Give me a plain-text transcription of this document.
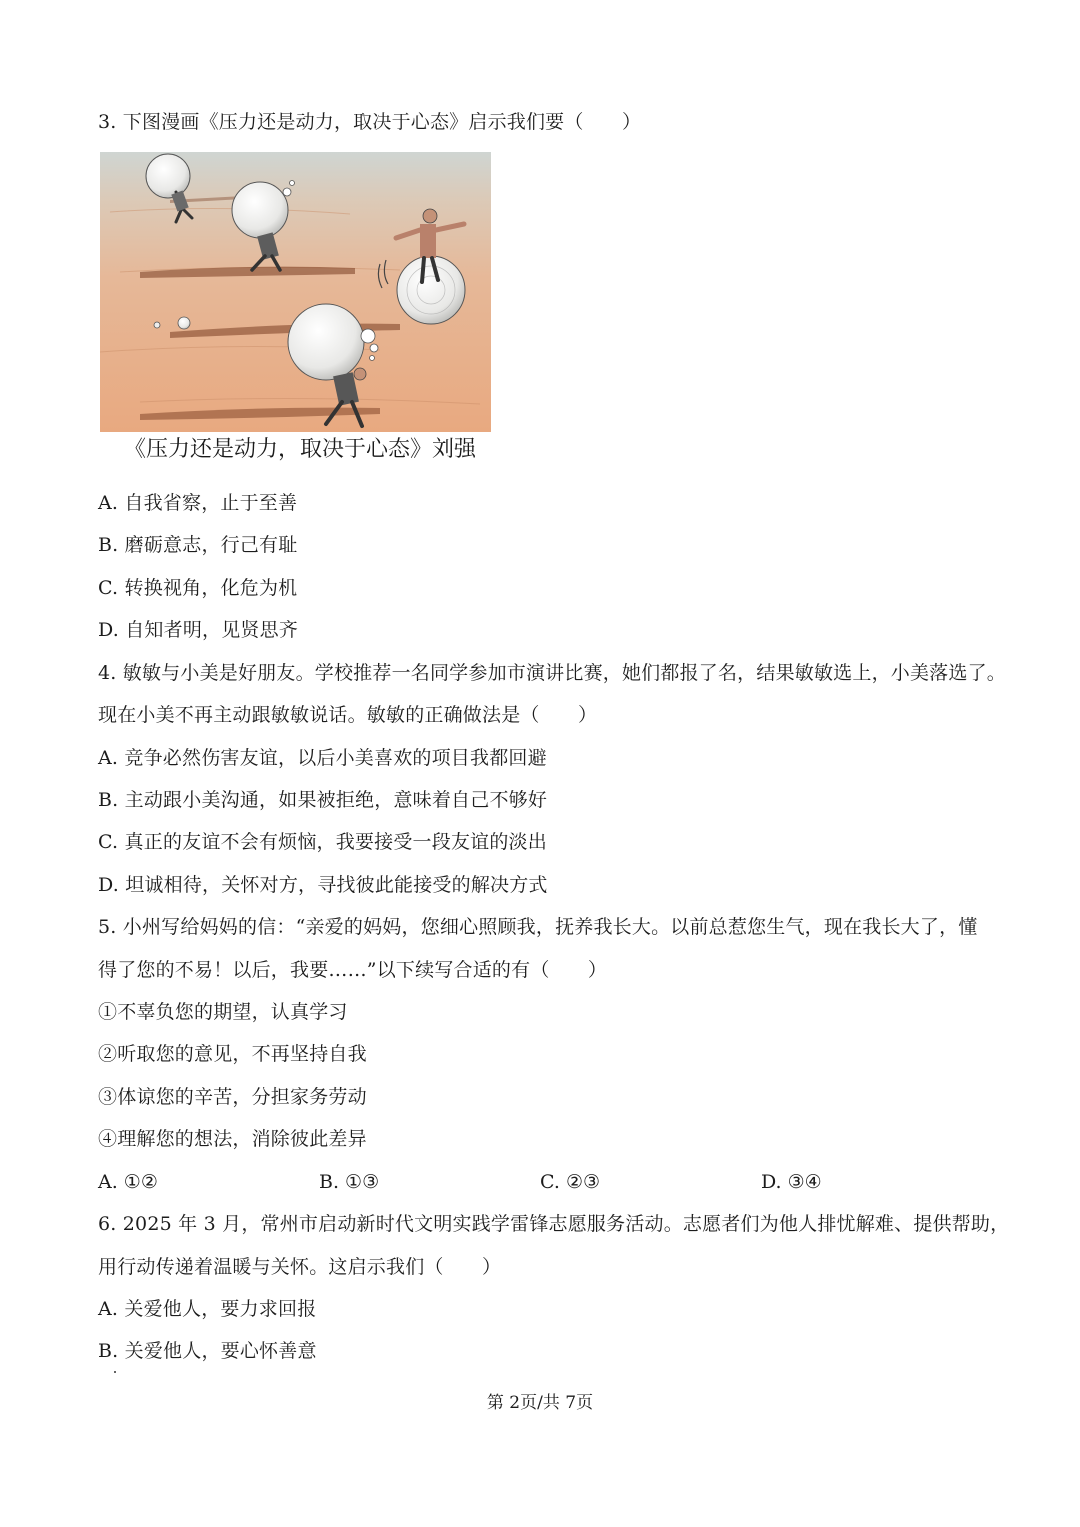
3. 下图漫画《压力还是动力，取决于心态》启示我们要（　　）
《压力还是动力，取决于心态》刘强
A. 自我省察，止于至善
B. 磨砺意志，行己有耻
C. 转换视角，化危为机
D. 自知者明，见贤思齐
4. 敏敏与小美是好朋友。学校推荐一名同学参加市演讲比赛，她们都报了名，结果敏敏选上，小美落选了。
现在小美不再主动跟敏敏说话。敏敏的正确做法是（　　）
A. 竞争必然伤害友谊，以后小美喜欢的项目我都回避
B. 主动跟小美沟通，如果被拒绝，意味着自己不够好
C. 真正的友谊不会有烦恼，我要接受一段友谊的淡出
D. 坦诚相待，关怀对方，寻找彼此能接受的解决方式
5. 小州写给妈妈的信：“亲爱的妈妈，您细心照顾我，抚养我长大。以前总惹您生气，现在我长大了，懂
得了您的不易！以后，我要……”以下续写合适的有（　　）
①不辜负您的期望，认真学习
②听取您的意见，不再坚持自我
③体谅您的辛苦，分担家务劳动
④理解您的想法，消除彼此差异
A. ①②	B. ①③	C. ②③	D. ③④
6. 2025 年 3 月，常州市启动新时代文明实践学雷锋志愿服务活动。志愿者们为他人排忧解难、提供帮助，
用行动传递着温暖与关怀。这启示我们（　　）
A. 关爱他人，要力求回报
B. 关爱他人，要心怀善意
第 2页/共 7页
